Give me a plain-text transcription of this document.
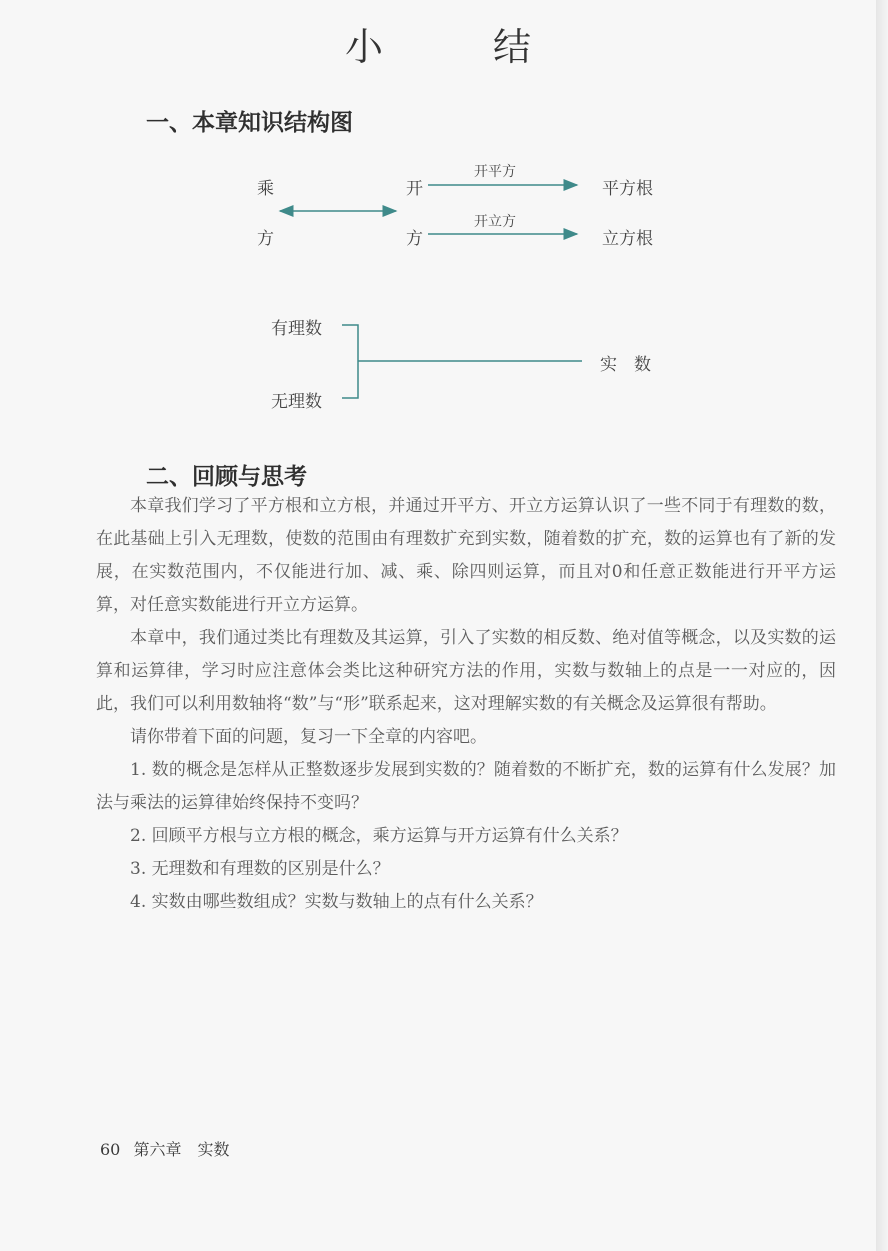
小　结
一、本章知识结构图
乘
方
开
方
开平方
开立方
平方根
立方根
有理数
无理数
实　数
二、回顾与思考

本章我们学习了平方根和立方根，并通过开平方、开立方运算认识了一些不同于有理数的数，在此基础上引入无理数，使数的范围由有理数扩充到实数，随着数的扩充，数的运算也有了新的发展，在实数范围内，不仅能进行加、减、乘、除四则运算，而且对0和任意正数能进行开平方运算，对任意实数能进行开立方运算。

本章中，我们通过类比有理数及其运算，引入了实数的相反数、绝对值等概念，以及实数的运算和运算律，学习时应注意体会类比这种研究方法的作用，实数与数轴上的点是一一对应的，因此，我们可以利用数轴将“数”与“形”联系起来，这对理解实数的有关概念及运算很有帮助。

请你带着下面的问题，复习一下全章的内容吧。

1. 数的概念是怎样从正整数逐步发展到实数的？随着数的不断扩充，数的运算有什么发展？加法与乘法的运算律始终保持不变吗？

2. 回顾平方根与立方根的概念，乘方运算与开方运算有什么关系？

3. 无理数和有理数的区别是什么？

4. 实数由哪些数组成？实数与数轴上的点有什么关系？

60 第六章　实数
